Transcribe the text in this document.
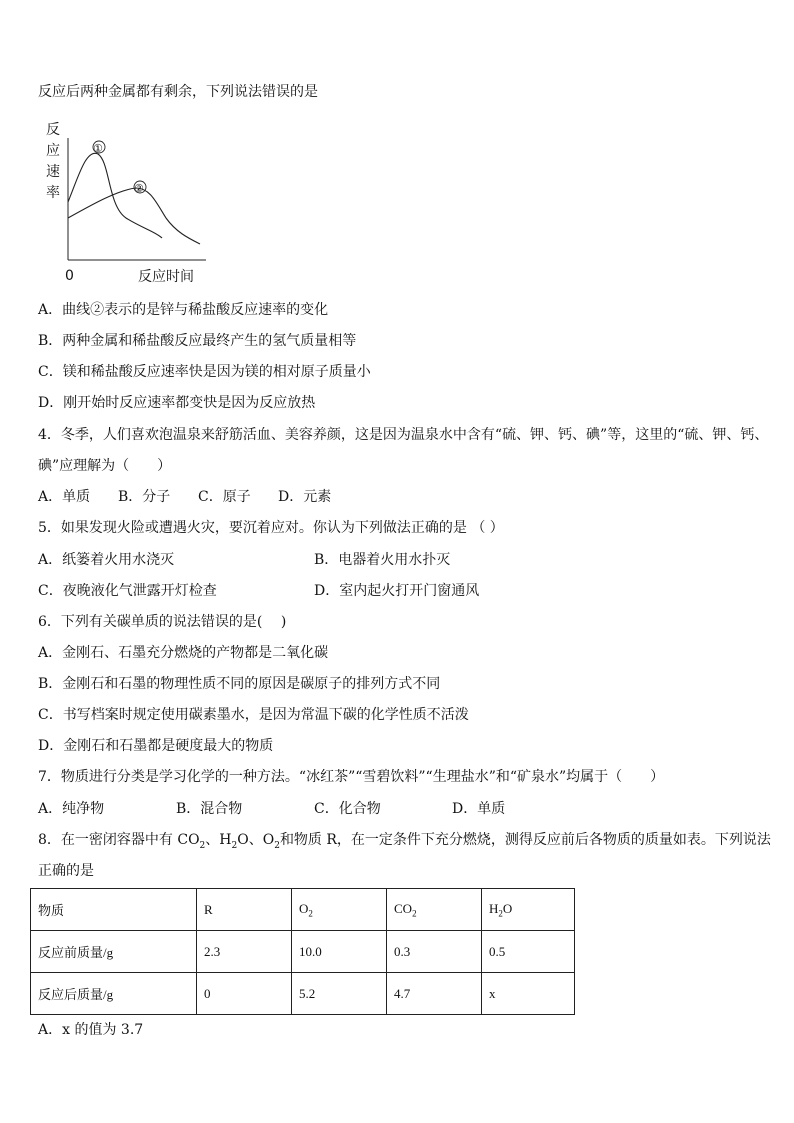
反应后两种金属都有剩余，下列说法错误的是
反
应
速
率
0	反应时间
①
②
A．曲线②表示的是锌与稀盐酸反应速率的变化
B．两种金属和稀盐酸反应最终产生的氢气质量相等
C．镁和稀盐酸反应速率快是因为镁的相对原子质量小
D．刚开始时反应速率都变快是因为反应放热
4．冬季，人们喜欢泡温泉来舒筋活血、美容养颜，这是因为温泉水中含有“硫、钾、钙、碘”等，这里的“硫、钾、钙、
碘”应理解为（　　）
A．单质 B．分子 C．原子 D．元素
5．如果发现火险或遭遇火灾，要沉着应对。你认为下列做法正确的是 （ ）
A．纸篓着火用水浇灭	B．电器着火用水扑灭
C．夜晚液化气泄露开灯检查	D．室内起火打开门窗通风
6．下列有关碳单质的说法错误的是(　 )
A．金刚石、石墨充分燃烧的产物都是二氧化碳
B．金刚石和石墨的物理性质不同的原因是碳原子的排列方式不同
C．书写档案时规定使用碳素墨水，是因为常温下碳的化学性质不活泼
D．金刚石和石墨都是硬度最大的物质
7．物质进行分类是学习化学的一种方法。“冰红茶”“雪碧饮料”“生理盐水”和“矿泉水”均属于（　　）
A．纯净物	B．混合物	C．化合物	D．单质
8．在一密闭容器中有 $CO_2$、$H_2O$、$O_2$和物质 R，在一定条件下充分燃烧，测得反应前后各物质的质量如表。下列说法
正确的是
物质	R	$O_2$	$CO_2$	$H_2O$
反应前质量/g	2.3	10.0	0.3	0.5
反应后质量/g	0	5.2	4.7	x
A．x 的值为 3.7
